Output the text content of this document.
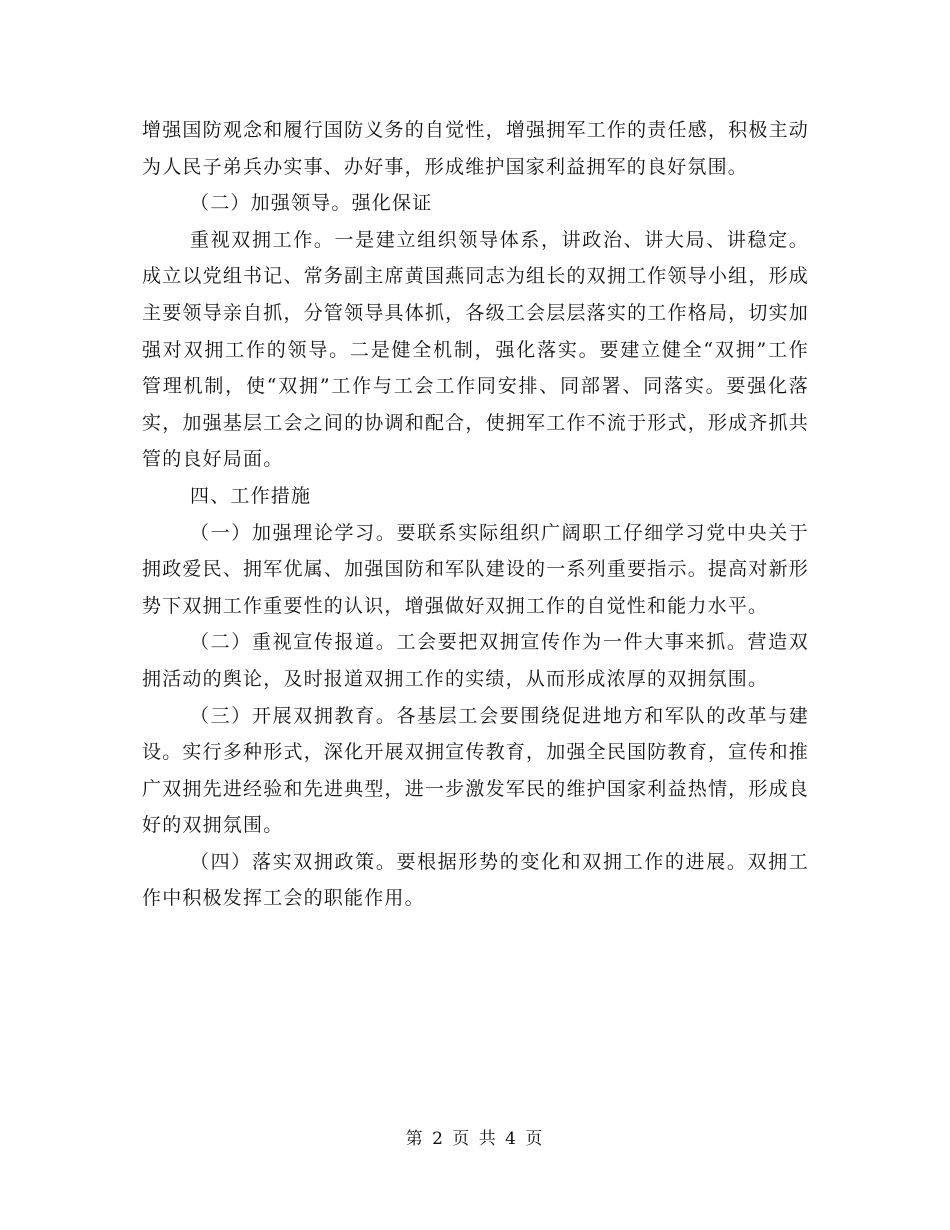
增强国防观念和履行国防义务的自觉性，增强拥军工作的责任感，积极主动为人民子弟兵办实事、办好事，形成维护国家利益拥军的良好氛围。

（二）加强领导。强化保证

重视双拥工作。一是建立组织领导体系，讲政治、讲大局、讲稳定。成立以党组书记、常务副主席黄国燕同志为组长的双拥工作领导小组，形成主要领导亲自抓，分管领导具体抓，各级工会层层落实的工作格局，切实加强对双拥工作的领导。二是健全机制，强化落实。要建立健全“双拥”工作管理机制，使“双拥”工作与工会工作同安排、同部署、同落实。要强化落实，加强基层工会之间的协调和配合，使拥军工作不流于形式，形成齐抓共管的良好局面。

四、工作措施

（一）加强理论学习。要联系实际组织广阔职工仔细学习党中央关于拥政爱民、拥军优属、加强国防和军队建设的一系列重要指示。提高对新形势下双拥工作重要性的认识，增强做好双拥工作的自觉性和能力水平。

（二）重视宣传报道。工会要把双拥宣传作为一件大事来抓。营造双拥活动的舆论，及时报道双拥工作的实绩，从而形成浓厚的双拥氛围。

（三）开展双拥教育。各基层工会要围绕促进地方和军队的改革与建设。实行多种形式，深化开展双拥宣传教育，加强全民国防教育，宣传和推广双拥先进经验和先进典型，进一步激发军民的维护国家利益热情，形成良好的双拥氛围。

（四）落实双拥政策。要根据形势的变化和双拥工作的进展。双拥工作中积极发挥工会的职能作用。

第 2 页 共 4 页
